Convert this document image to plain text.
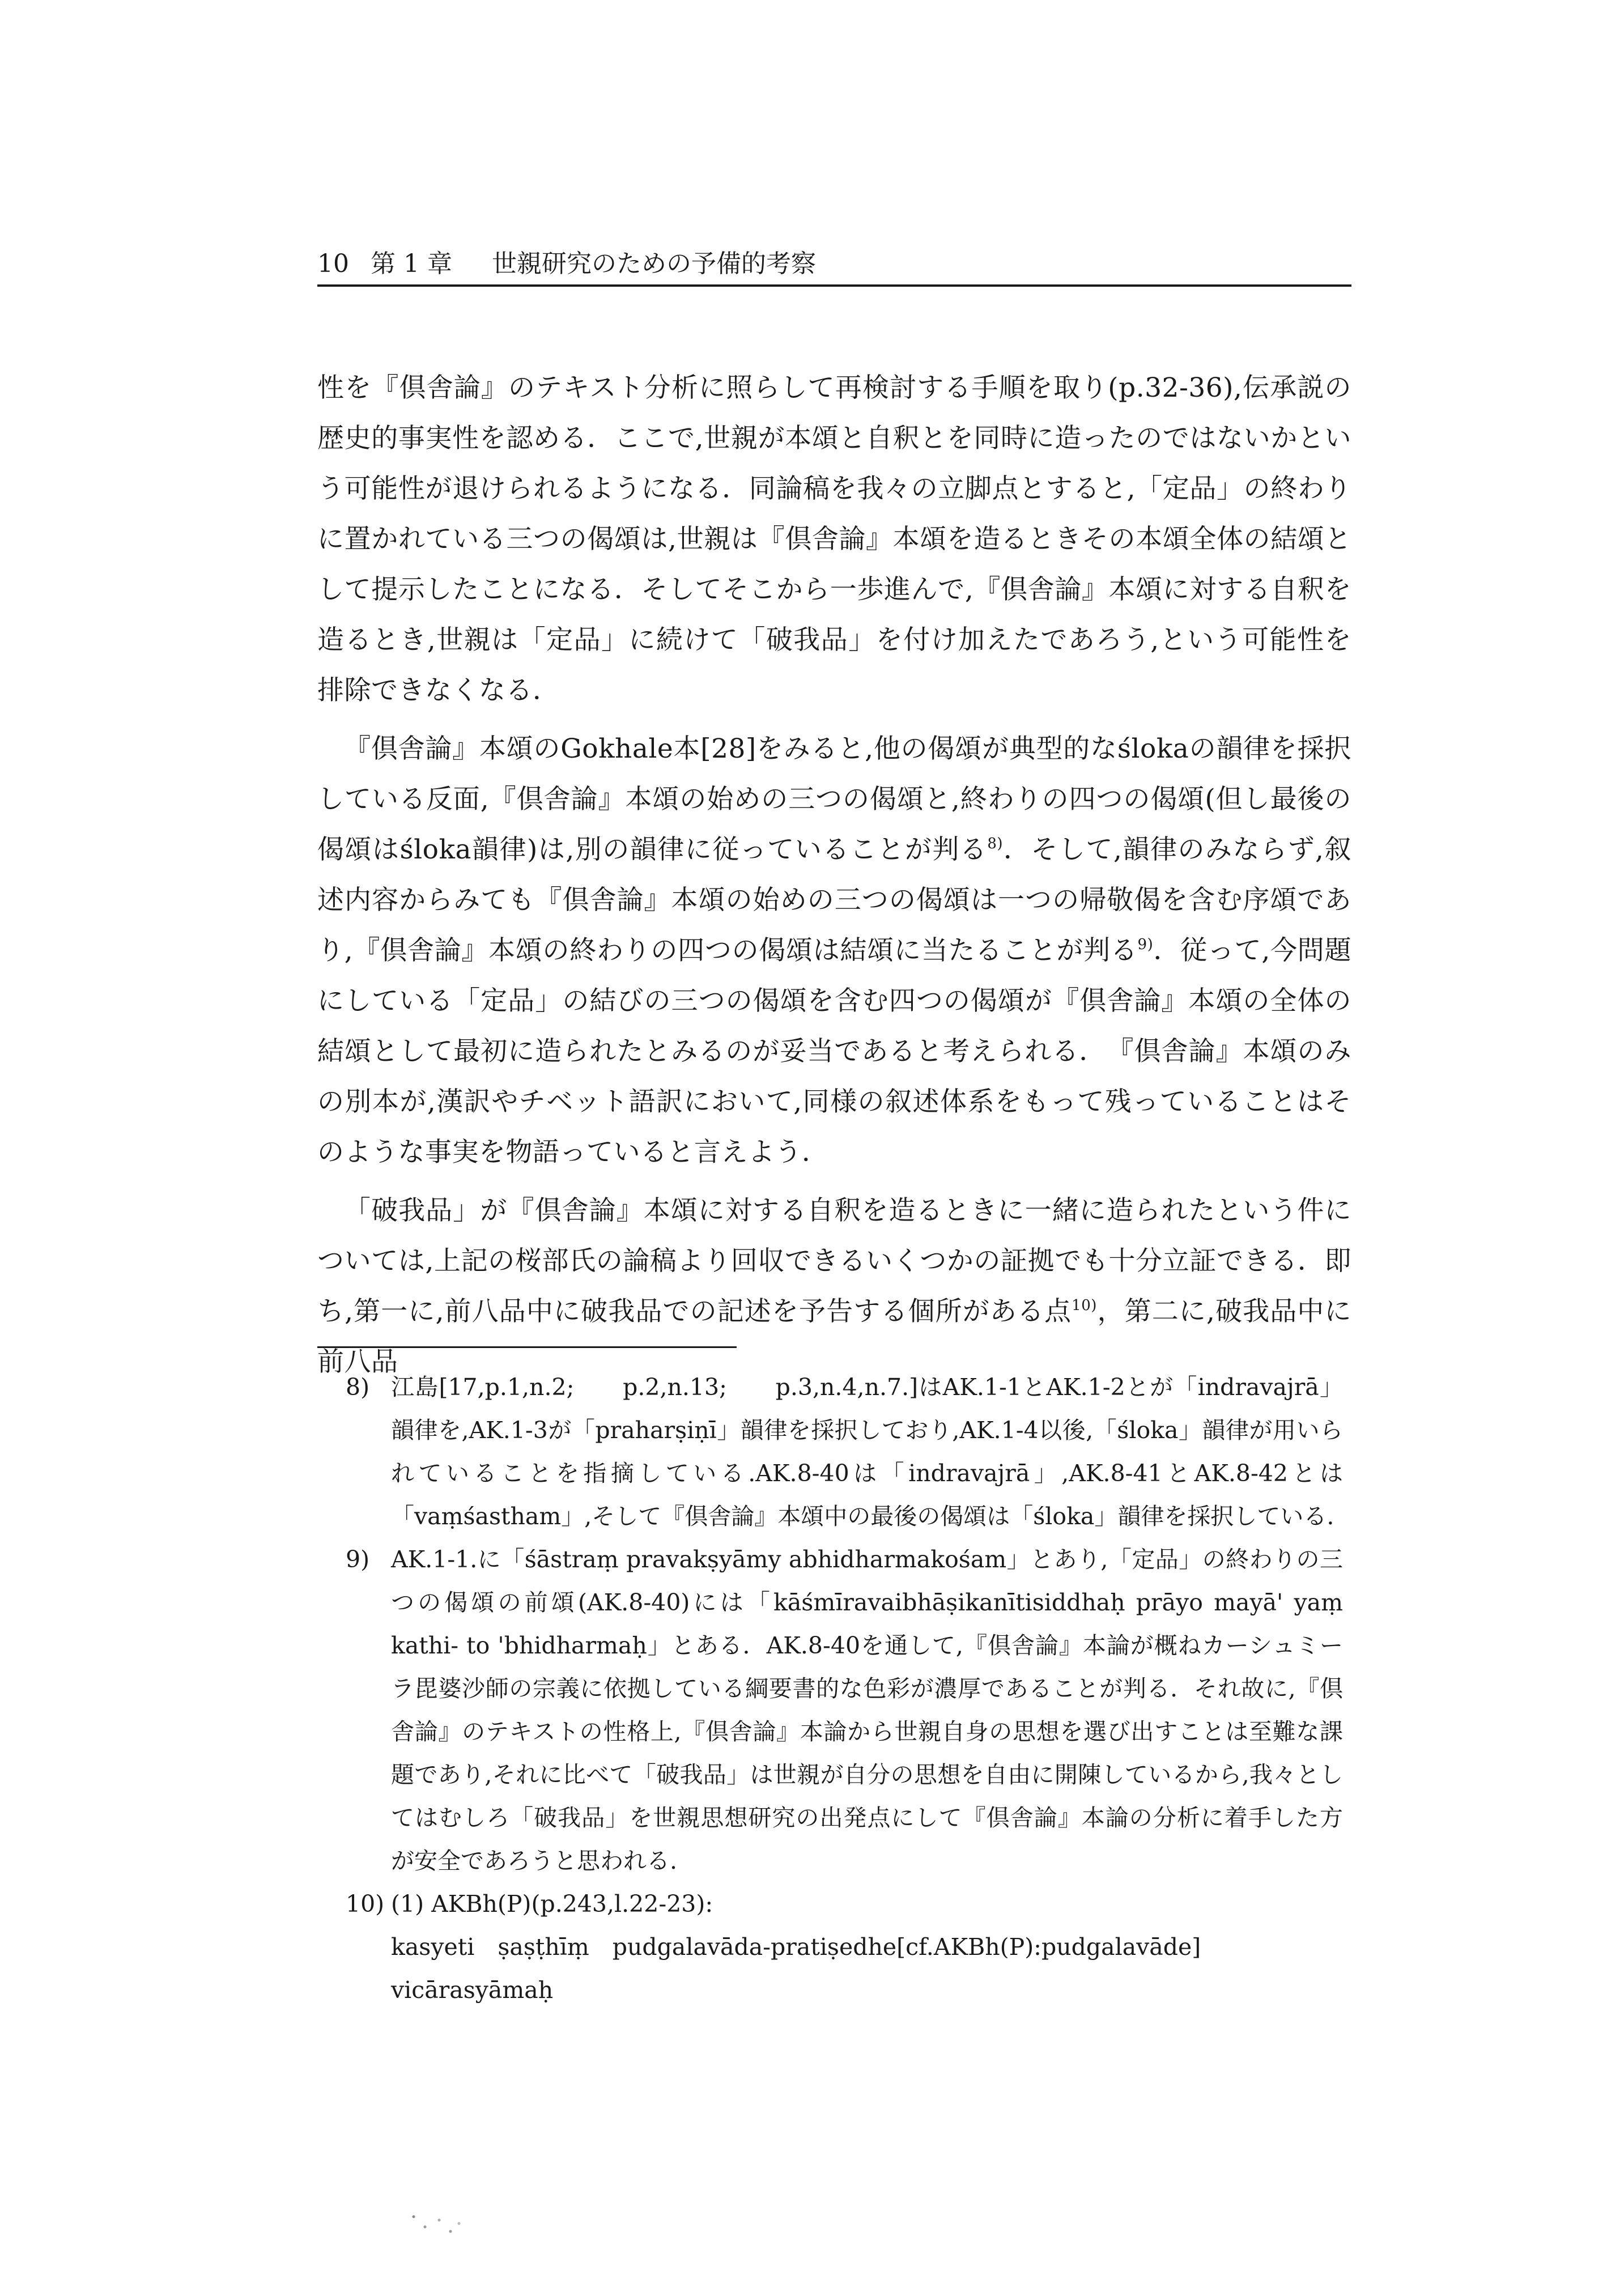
10 第 1 章 世親研究のための予備的考察

性を『倶舎論』のテキスト分析に照らして再検討する手順を取り(p.32-36),伝承説の歴史的事実性を認める．ここで,世親が本頌と自釈とを同時に造ったのではないかという可能性が退けられるようになる．同論稿を我々の立脚点とすると,「定品」の終わりに置かれている三つの偈頌は,世親は『倶舎論』本頌を造るときその本頌全体の結頌として提示したことになる．そしてそこから一歩進んで,『倶舎論』本頌に対する自釈を造るとき,世親は「定品」に続けて「破我品」を付け加えたであろう,という可能性を排除できなくなる．

『倶舎論』本頌のGokhale本[28]をみると,他の偈頌が典型的なślokaの韻律を採択している反面,『倶舎論』本頌の始めの三つの偈頌と,終わりの四つの偈頌(但し最後の偈頌はśloka韻律)は,別の韻律に従っていることが判る$^{8)}$．そして,韻律のみならず,叙述内容からみても『倶舎論』本頌の始めの三つの偈頌は一つの帰敬偈を含む序頌であり,『倶舎論』本頌の終わりの四つの偈頌は結頌に当たることが判る$^{9)}$．従って,今問題にしている「定品」の結びの三つの偈頌を含む四つの偈頌が『倶舎論』本頌の全体の結頌として最初に造られたとみるのが妥当であると考えられる．　『倶舎論』本頌のみの別本が,漢訳やチベット語訳において,同様の叙述体系をもって残っていることはそのような事実を物語っていると言えよう．

「破我品」が『倶舎論』本頌に対する自釈を造るときに一緒に造られたという件については,上記の桜部氏の論稿より回収できるいくつかの証拠でも十分立証できる．即ち,第一に,前八品中に破我品での記述を予告する個所がある点$^{10)}$，第二に,破我品中に前八品

8) 江島[17,p.1,n.2;　　p.2,n.13;　　p.3,n.4,n.7.]はAK.1-1とAK.1-2とが「indravajrā」韻律を,AK.1-3が「praharṣiṇī」韻律を採択しており,AK.1-4以後,「śloka」韻律が用いられていることを指摘している.AK.8-40は「indravajrā」,AK.8-41とAK.8-42とは「vaṃśastham」,そして『倶舎論』本頌中の最後の偈頌は「śloka」韻律を採択している.
9) AK.1-1.に「śāstraṃ pravakṣyāmy abhidharmakośam」とあり,「定品」の終わりの三つの偈頌の前頌(AK.8-40)には「kāśmīravaibhāṣikanītisiddhaḥ prāyo mayā' yaṃ kathi- to 'bhidharmaḥ」とある．AK.8-40を通して,『倶舎論』本論が概ねカーシュミーラ毘婆沙師の宗義に依拠している綱要書的な色彩が濃厚であることが判る．それ故に,『倶舎論』のテキストの性格上,『倶舎論』本論から世親自身の思想を選び出すことは至難な課題であり,それに比べて「破我品」は世親が自分の思想を自由に開陳しているから,我々としてはむしろ「破我品」を世親思想研究の出発点にして『倶舎論』本論の分析に着手した方が安全であろうと思われる.
10) (1) AKBh(P)(p.243,l.22-23):

kasyeti　ṣaṣṭhīṃ　pudgalavāda-pratiṣedhe[cf.AKBh(P):pudgalavāde]　vicārasyāmaḥ
